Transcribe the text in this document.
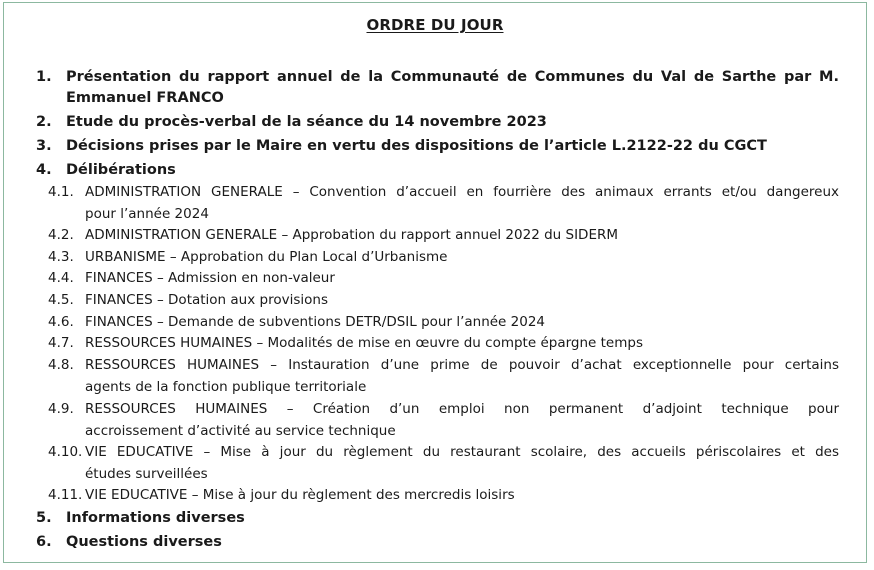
ORDRE DU JOUR
1. Présentation du rapport annuel de la Communauté de Communes du Val de Sarthe par M.
Emmanuel FRANCO
2. Etude du procès-verbal de la séance du 14 novembre 2023
3. Décisions prises par le Maire en vertu des dispositions de l’article L.2122-22 du CGCT
4. Délibérations
4.1. ADMINISTRATION GENERALE – Convention d’accueil en fourrière des animaux errants et/ou dangereux
pour l’année 2024
4.2. ADMINISTRATION GENERALE – Approbation du rapport annuel 2022 du SIDERM
4.3. URBANISME – Approbation du Plan Local d’Urbanisme
4.4. FINANCES – Admission en non-valeur
4.5. FINANCES – Dotation aux provisions
4.6. FINANCES – Demande de subventions DETR/DSIL pour l’année 2024
4.7. RESSOURCES HUMAINES – Modalités de mise en œuvre du compte épargne temps
4.8. RESSOURCES HUMAINES – Instauration d’une prime de pouvoir d’achat exceptionnelle pour certains
agents de la fonction publique territoriale
4.9. RESSOURCES HUMAINES – Création d’un emploi non permanent d’adjoint technique pour
accroissement d’activité au service technique
4.10. VIE EDUCATIVE – Mise à jour du règlement du restaurant scolaire, des accueils périscolaires et des
études surveillées
4.11. VIE EDUCATIVE – Mise à jour du règlement des mercredis loisirs
5. Informations diverses
6. Questions diverses
